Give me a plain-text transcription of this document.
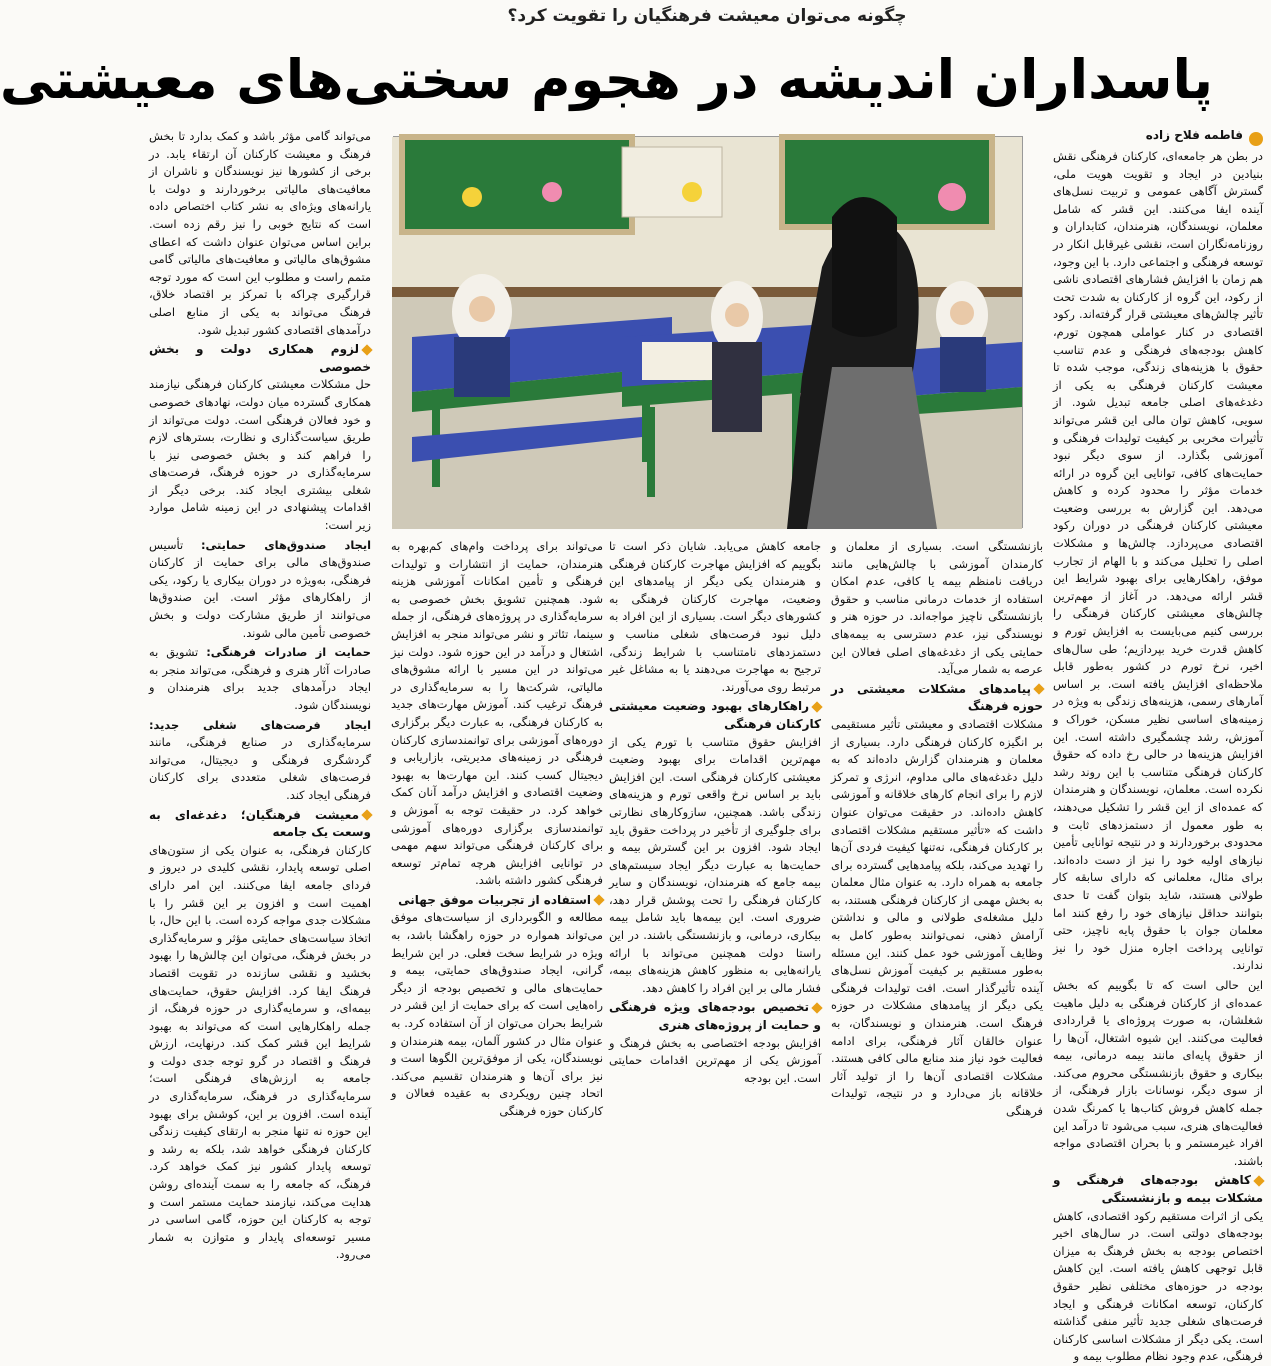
چگونه می‌توان معیشت فرهنگیان را تقویت کرد؟
پاسداران اندیشه در هجوم سختی‌های معیشتی
فاطمه فلاح زاده

در بطن هر جامعه‌ای، کارکنان فرهنگی نقش بنیادین در ایجاد و تقویت هویت ملی، گسترش آگاهی عمومی و تربیت نسل‌های آینده ایفا می‌کنند. این قشر که شامل معلمان، نویسندگان، هنرمندان، کتابداران و روزنامه‌نگاران است، نقشی غیرقابل انکار در توسعه فرهنگی و اجتماعی دارد. با این وجود، هم زمان با افزایش فشارهای اقتصادی ناشی از رکود، این گروه از کارکنان به شدت تحت تأثیر چالش‌های معیشتی قرار گرفته‌اند. رکود اقتصادی در کنار عواملی همچون تورم، کاهش بودجه‌های فرهنگی و عدم تناسب حقوق با هزینه‌های زندگی، موجب شده تا معیشت کارکنان فرهنگی به یکی از دغدغه‌های اصلی جامعه تبدیل شود. از سویی، کاهش توان مالی این قشر می‌تواند تأثیرات مخربی بر کیفیت تولیدات فرهنگی و آموزشی بگذارد. از سوی دیگر نبود حمایت‌های کافی، توانایی این گروه در ارائه خدمات مؤثر را محدود کرده و کاهش می‌دهد. این گزارش به بررسی وضعیت معیشتی کارکنان فرهنگی در دوران رکود اقتصادی می‌پردازد. چالش‌ها و مشکلات اصلی را تحلیل می‌کند و با الهام از تجارب موفق، راهکارهایی برای بهبود شرایط این قشر ارائه می‌دهد. در آغاز از مهم‌ترین چالش‌های معیشتی کارکنان فرهنگی را بررسی کنیم می‌بایست به افزایش تورم و کاهش قدرت خرید بپردازیم؛ طی سال‌های اخیر، نرخ تورم در کشور به‌طور قابل ملاحظه‌ای افزایش یافته است. بر اساس آمارهای رسمی، هزینه‌های زندگی به ویژه در زمینه‌های اساسی نظیر مسکن، خوراک و آموزش، رشد چشمگیری داشته است. این افزایش هزینه‌ها در حالی رخ داده که حقوق کارکنان فرهنگی متناسب با این روند رشد نکرده است. معلمان، نویسندگان و هنرمندان که عمده‌ای از این قشر را تشکیل می‌دهند، به طور معمول از دستمزدهای ثابت و محدودی برخوردارند و در نتیجه توانایی تأمین نیازهای اولیه خود را نیز از دست داده‌اند. برای مثال، معلمانی که دارای سابقه کار طولانی هستند، شاید بتوان گفت تا حدی بتوانند حداقل نیازهای خود را رفع کنند اما معلمان جوان با حقوق پایه ناچیز، حتی توانایی پرداخت اجاره منزل خود را نیز ندارند.

این حالی است که تا بگوییم که بخش عمده‌ای از کارکنان فرهنگی به دلیل ماهیت شغلشان، به صورت پروژه‌ای یا قراردادی فعالیت می‌کنند. این شیوه اشتغال، آن‌ها را از حقوق پایه‌ای مانند بیمه درمانی، بیمه بیکاری و حقوق بازنشستگی محروم می‌کند. از سوی دیگر، نوسانات بازار فرهنگی، از جمله کاهش فروش کتاب‌ها یا کمرنگ شدن فعالیت‌های هنری، سبب می‌شود تا درآمد این افراد غیرمستمر و با بحران اقتصادی مواجه باشند.

کاهش بودجه‌های فرهنگی و مشکلات بیمه و بازنشستگی

یکی از اثرات مستقیم رکود اقتصادی، کاهش بودجه‌های دولتی است. در سال‌های اخیر اختصاص بودجه به بخش فرهنگ به میزان قابل توجهی کاهش یافته است. این کاهش بودجه در حوزه‌های مختلفی نظیر حقوق کارکنان، توسعه امکانات فرهنگی و ایجاد فرصت‌های شغلی جدید تأثیر منفی گذاشته است. یکی دیگر از مشکلات اساسی کارکنان فرهنگی، عدم وجود نظام مطلوب بیمه و

بازنشستگی است. بسیاری از معلمان و کارمندان آموزشی با چالش‌هایی مانند دریافت نامنظم بیمه یا کافی، عدم امکان استفاده از خدمات درمانی مناسب و حقوق بازنشستگی ناچیز مواجه‌اند. در حوزه هنر و نویسندگی نیز، عدم دسترسی به بیمه‌های حمایتی یکی از دغدغه‌های اصلی فعالان این عرصه به شمار می‌آید.

پیامدهای مشکلات معیشتی در حوزه فرهنگ

مشکلات اقتصادی و معیشتی تأثیر مستقیمی بر انگیزه کارکنان فرهنگی دارد. بسیاری از معلمان و هنرمندان گزارش داده‌اند که به دلیل دغدغه‌های مالی مداوم، انرژی و تمرکز لازم را برای انجام کارهای خلاقانه و آموزشی کاهش داده‌اند. در حقیقت می‌توان عنوان داشت که «تأثیر مستقیم مشکلات اقتصادی بر کارکنان فرهنگی، نه‌تنها کیفیت فردی آن‌ها را تهدید می‌کند، بلکه پیامدهایی گسترده برای جامعه به همراه دارد. به عنوان مثال معلمان به بخش مهمی از کارکنان فرهنگی هستند، به دلیل مشغله‌ی طولانی و مالی و نداشتن آرامش ذهنی، نمی‌توانند به‌طور کامل به وظایف آموزشی خود عمل کنند. این مسئله به‌طور مستقیم بر کیفیت آموزش نسل‌های آینده تأثیرگذار است. افت تولیدات فرهنگی یکی دیگر از پیامدهای مشکلات در حوزه فرهنگ است. هنرمندان و نویسندگان، به عنوان خالقان آثار فرهنگی، برای ادامه فعالیت خود نیاز مند منابع مالی کافی هستند. مشکلات اقتصادی آن‌ها را از تولید آثار خلاقانه باز می‌دارد و در نتیجه، تولیدات فرهنگی

جامعه کاهش می‌یابد. شایان ذکر است تا بگوییم که افزایش مهاجرت کارکنان فرهنگی و هنرمندان یکی دیگر از پیامدهای این وضعیت، مهاجرت کارکنان فرهنگی به کشورهای دیگر است. بسیاری از این افراد به دلیل نبود فرصت‌های شغلی مناسب و دستمزدهای نامتناسب با شرایط زندگی، ترجیح به مهاجرت می‌دهند یا به مشاغل غیر مرتبط روی می‌آورند.

راهکارهای بهبود وضعیت معیشتی کارکنان فرهنگی

افزایش حقوق متناسب با تورم یکی از مهم‌ترین اقدامات برای بهبود وضعیت معیشتی کارکنان فرهنگی است. این افزایش باید بر اساس نرخ واقعی تورم و هزینه‌های زندگی باشد. همچنین، سازوکارهای نظارتی برای جلوگیری از تأخیر در پرداخت حقوق باید ایجاد شود. افزون بر این گسترش بیمه و حمایت‌ها به عبارت دیگر ایجاد سیستم‌های بیمه جامع که هنرمندان، نویسندگان و سایر کارکنان فرهنگی را تحت پوشش قرار دهد، ضروری است. این بیمه‌ها باید شامل بیمه بیکاری، درمانی، و بازنشستگی باشند. در این راستا دولت همچنین می‌تواند با ارائه یارانه‌هایی به منظور کاهش هزینه‌های بیمه، فشار مالی بر این افراد را کاهش دهد.

تخصیص بودجه‌های ویژه فرهنگی و حمایت از پروژه‌های هنری

افزایش بودجه اختصاصی به بخش فرهنگ و آموزش یکی از مهم‌ترین اقدامات حمایتی است. این بودجه

می‌تواند برای پرداخت وام‌های کم‌بهره به هنرمندان، حمایت از انتشارات و تولیدات فرهنگی و تأمین امکانات آموزشی هزینه شود. همچنین تشویق بخش خصوصی به سرمایه‌گذاری در پروژه‌های فرهنگی، از جمله سینما، تئاتر و نشر می‌تواند منجر به افزایش اشتغال و درآمد در این حوزه شود. دولت نیز می‌تواند در این مسیر با ارائه مشوق‌های مالیاتی، شرکت‌ها را به سرمایه‌گذاری در فرهنگ ترغیب کند. آموزش مهارت‌های جدید به کارکنان فرهنگی، به عبارت دیگر برگزاری دوره‌های آموزشی برای توانمندسازی کارکنان فرهنگی در زمینه‌های مدیریتی، بازاریابی و دیجیتال کسب کنند. این مهارت‌ها به بهبود وضعیت اقتصادی و افزایش درآمد آنان کمک خواهد کرد. در حقیقت توجه به آموزش و توانمندسازی برگزاری دوره‌های آموزشی برای کارکنان فرهنگی می‌تواند سهم مهمی در توانایی افزایش هرچه تمام‌تر توسعه فرهنگی کشور داشته باشد.

استفاده از تجربیات موفق جهانی

مطالعه و الگوبرداری از سیاست‌های موفق می‌تواند همواره در حوزه راهگشا باشد، به ویژه در شرایط سخت فعلی. در این شرایط گرانی، ایجاد صندوق‌های حمایتی، بیمه و حمایت‌های مالی و تخصیص بودجه از دیگر راه‌هایی است که برای حمایت از این قشر در شرایط بحران می‌توان از آن استفاده کرد. به عنوان مثال در کشور آلمان، بیمه هنرمندان و نویسندگان، یکی از موفق‌ترین الگوها است و نیز برای آن‌ها و هنرمندان تقسیم می‌کند. اتحاد چنین رویکردی به عقیده فعالان و کارکنان حوزه فرهنگی

می‌تواند گامی مؤثر باشد و کمک بدارد تا بخش فرهنگ و معیشت کارکنان آن ارتقاء یابد. در برخی از کشورها نیز نویسندگان و ناشران از معافیت‌های مالیاتی برخوردارند و دولت با یارانه‌های ویژه‌ای به نشر کتاب اختصاص داده است که نتایج خوبی را نیز رقم زده است. براین اساس می‌توان عنوان داشت که اعطای مشوق‌های مالیاتی و معافیت‌های مالیاتی گامی متمم راست و مطلوب این است که مورد توجه قرارگیری چراکه با تمرکز بر اقتصاد خلاق، فرهنگ می‌تواند به یکی از منابع اصلی درآمدهای اقتصادی کشور تبدیل شود.

لزوم همکاری دولت و بخش خصوصی

حل مشکلات معیشتی کارکنان فرهنگی نیازمند همکاری گسترده میان دولت، نهادهای خصوصی و خود فعالان فرهنگی است. دولت می‌تواند از طریق سیاست‌گذاری و نظارت، بسترهای لازم را فراهم کند و بخش خصوصی نیز با سرمایه‌گذاری در حوزه فرهنگ، فرصت‌های شغلی بیشتری ایجاد کند. برخی دیگر از اقدامات پیشنهادی در این زمینه شامل موارد زیر است:

ایجاد صندوق‌های حمایتی: تأسیس صندوق‌های مالی برای حمایت از کارکنان فرهنگی، به‌ویژه در دوران بیکاری یا رکود، یکی از راهکارهای مؤثر است. این صندوق‌ها می‌توانند از طریق مشارکت دولت و بخش خصوصی تأمین مالی شوند.

حمایت از صادرات فرهنگی: تشویق به صادرات آثار هنری و فرهنگی، می‌تواند منجر به ایجاد درآمدهای جدید برای هنرمندان و نویسندگان شود.

ایجاد فرصت‌های شغلی جدید: سرمایه‌گذاری در صنایع فرهنگی، مانند گردشگری فرهنگی و دیجیتال، می‌تواند فرصت‌های شغلی متعددی برای کارکنان فرهنگی ایجاد کند.

معیشت فرهنگیان؛ دغدغه‌ای به وسعت یک جامعه

کارکنان فرهنگی، به عنوان یکی از ستون‌های اصلی توسعه پایدار، نقشی کلیدی در دیروز و فردای جامعه ایفا می‌کنند. این امر دارای اهمیت است و افزون بر این قشر را با مشکلات جدی مواجه کرده است. با این حال، با اتخاذ سیاست‌های حمایتی مؤثر و سرمایه‌گذاری در بخش فرهنگ، می‌توان این چالش‌ها را بهبود بخشید و نقشی سازنده در تقویت اقتصاد فرهنگ ایفا کرد. افزایش حقوق، حمایت‌های بیمه‌ای، و سرمایه‌گذاری در حوزه فرهنگ، از جمله راهکارهایی است که می‌تواند به بهبود شرایط این قشر کمک کند. درنهایت، ارزش فرهنگ و اقتصاد در گرو توجه جدی دولت و جامعه به ارزش‌های فرهنگی است؛ سرمایه‌گذاری در فرهنگ، سرمایه‌گذاری در آینده است. افزون بر این، کوشش برای بهبود این حوزه نه تنها منجر به ارتقای کیفیت زندگی کارکنان فرهنگی خواهد شد، بلکه به رشد و توسعه پایدار کشور نیز کمک خواهد کرد. فرهنگ، که جامعه را به سمت آینده‌ای روشن هدایت می‌کند، نیازمند حمایت مستمر است و توجه به کارکنان این حوزه، گامی اساسی در مسیر توسعه‌ای پایدار و متوازن به شمار می‌رود.
